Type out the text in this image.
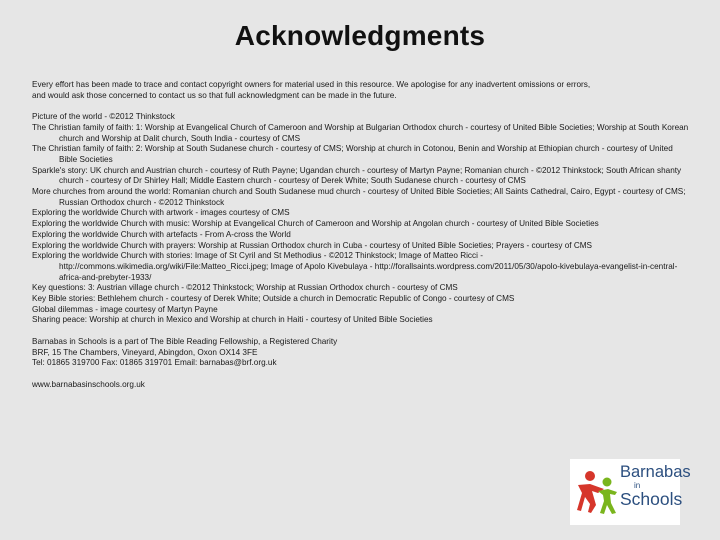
Acknowledgments

Every effort has been made to trace and contact copyright owners for material used in this resource. We apologise for any inadvertent omissions or errors,

and would ask those concerned to contact us so that full acknowledgment can be made in the future.

Picture of the world - ©2012 Thinkstock

The Christian family of faith: 1: Worship at Evangelical Church of Cameroon and Worship at Bulgarian Orthodox church - courtesy of United Bible Societies; Worship at South Korean church and Worship at Dalit church, South India - courtesy of CMS

The Christian family of faith: 2: Worship at South Sudanese church - courtesy of CMS; Worship at church in Cotonou, Benin and Worship at Ethiopian church - courtesy of United Bible Societies

Sparkle's story: UK church and Austrian church - courtesy of Ruth Payne; Ugandan church - courtesy of Martyn Payne; Romanian church - ©2012 Thinkstock; South African shanty church - courtesy of Dr Shirley Hall; Middle Eastern church - courtesy of Derek White; South Sudanese church - courtesy of CMS

More churches from around the world: Romanian church and South Sudanese mud church - courtesy of United Bible Societies; All Saints Cathedral, Cairo, Egypt - courtesy of CMS; Russian Orthodox church - ©2012 Thinkstock

Exploring the worldwide Church with artwork - images courtesy of CMS

Exploring the worldwide Church with music: Worship at Evangelical Church of Cameroon and Worship at Angolan church - courtesy of United Bible Societies

Exploring the worldwide Church with artefacts - From A-cross the World

Exploring the worldwide Church with prayers: Worship at Russian Orthodox church in Cuba - courtesy of United Bible Societies; Prayers - courtesy of CMS

Exploring the worldwide Church with stories: Image of St Cyril and St Methodius - ©2012 Thinkstock; Image of Matteo Ricci - http://commons.wikimedia.org/wiki/File:Matteo_Ricci.jpeg; Image of Apolo Kivebulaya - http://forallsaints.wordpress.com/2011/05/30/apolo-kivebulaya-evangelist-in-central-africa-and-prebyter-1933/

Key questions: 3: Austrian village church - ©2012 Thinkstock; Worship at Russian Orthodox church - courtesy of CMS

Key Bible stories: Bethlehem church - courtesy of Derek White; Outside a church in Democratic Republic of Congo - courtesy of CMS

Global dilemmas - image courtesy of Martyn Payne

Sharing peace: Worship at church in Mexico and Worship at church in Haiti - courtesy of United Bible Societies

Barnabas in Schools is a part of The Bible Reading Fellowship, a Registered Charity

BRF, 15 The Chambers, Vineyard, Abingdon, Oxon OX14 3FE

Tel: 01865 319700 Fax: 01865 319701 Email: barnabas@brf.org.uk

www.barnabasinschools.org.uk

Barnabas
in
Schools
